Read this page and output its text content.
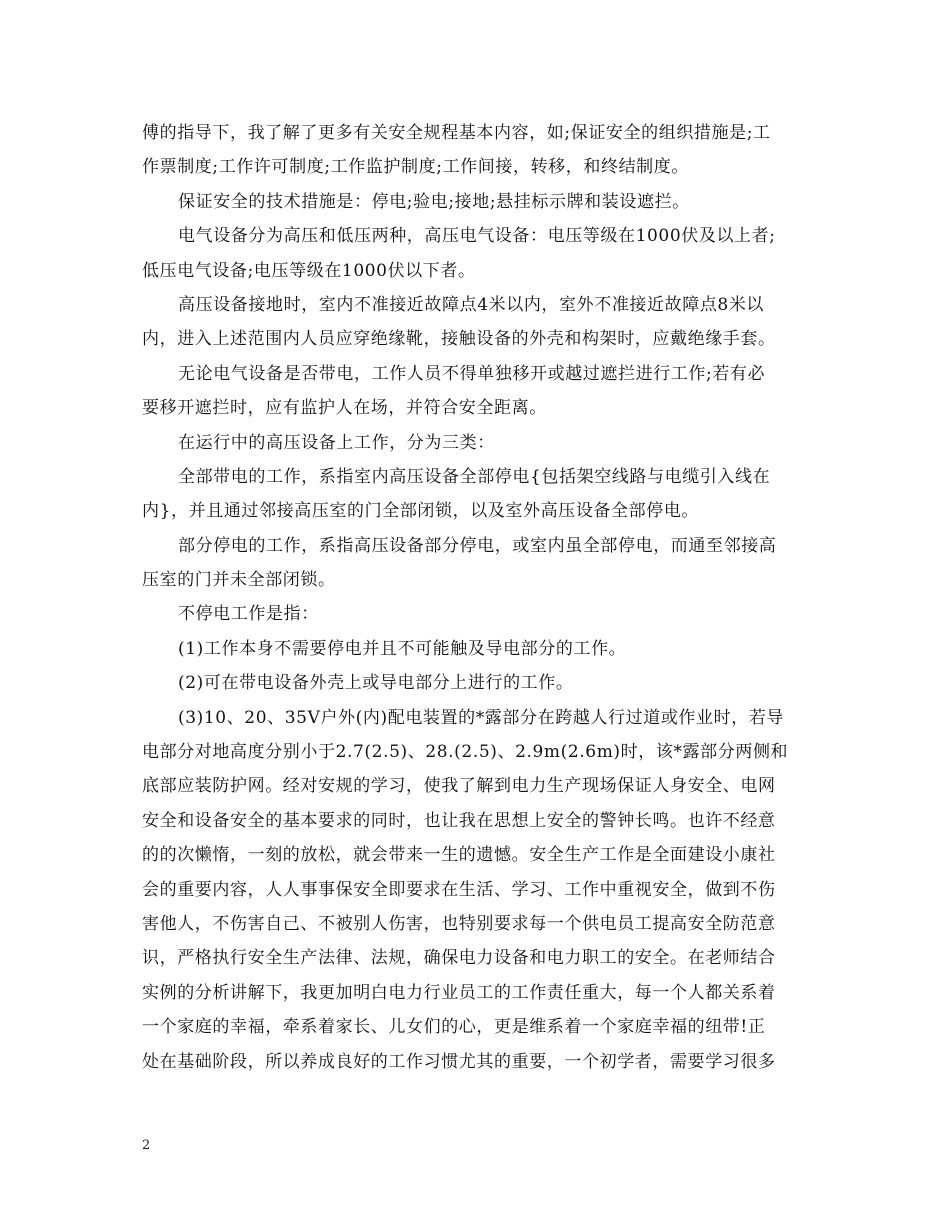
傅的指导下，我了解了更多有关安全规程基本内容，如;保证安全的组织措施是;工
作票制度;工作许可制度;工作监护制度;工作间接，转移，和终结制度。
保证安全的技术措施是：停电;验电;接地;悬挂标示牌和装设遮拦。
电气设备分为高压和低压两种，高压电气设备：电压等级在1000伏及以上者;
低压电气设备;电压等级在1000伏以下者。
高压设备接地时，室内不准接近故障点4米以内，室外不准接近故障点8米以
内，进入上述范围内人员应穿绝缘靴，接触设备的外壳和构架时，应戴绝缘手套。
无论电气设备是否带电，工作人员不得单独移开或越过遮拦进行工作;若有必
要移开遮拦时，应有监护人在场，并符合安全距离。
在运行中的高压设备上工作，分为三类：
全部带电的工作，系指室内高压设备全部停电{包括架空线路与电缆引入线在
内}，并且通过邻接高压室的门全部闭锁，以及室外高压设备全部停电。
部分停电的工作，系指高压设备部分停电，或室内虽全部停电，而通至邻接高
压室的门并未全部闭锁。
不停电工作是指：
(1)工作本身不需要停电并且不可能触及导电部分的工作。
(2)可在带电设备外壳上或导电部分上进行的工作。
(3)10、20、35V户外(内)配电装置的*露部分在跨越人行过道或作业时，若导
电部分对地高度分别小于2.7(2.5)、28.(2.5)、2.9m(2.6m)时，该*露部分两侧和
底部应装防护网。经对安规的学习，使我了解到电力生产现场保证人身安全、电网
安全和设备安全的基本要求的同时，也让我在思想上安全的警钟长鸣。也许不经意
的的次懒惰，一刻的放松，就会带来一生的遗憾。安全生产工作是全面建设小康社
会的重要内容，人人事事保安全即要求在生活、学习、工作中重视安全，做到不伤
害他人，不伤害自己、不被别人伤害，也特别要求每一个供电员工提高安全防范意
识，严格执行安全生产法律、法规，确保电力设备和电力职工的安全。在老师结合
实例的分析讲解下，我更加明白电力行业员工的工作责任重大，每一个人都关系着
一个家庭的幸福，牵系着家长、儿女们的心，更是维系着一个家庭幸福的纽带!正
处在基础阶段，所以养成良好的工作习惯尤其的重要，一个初学者，需要学习很多
2
